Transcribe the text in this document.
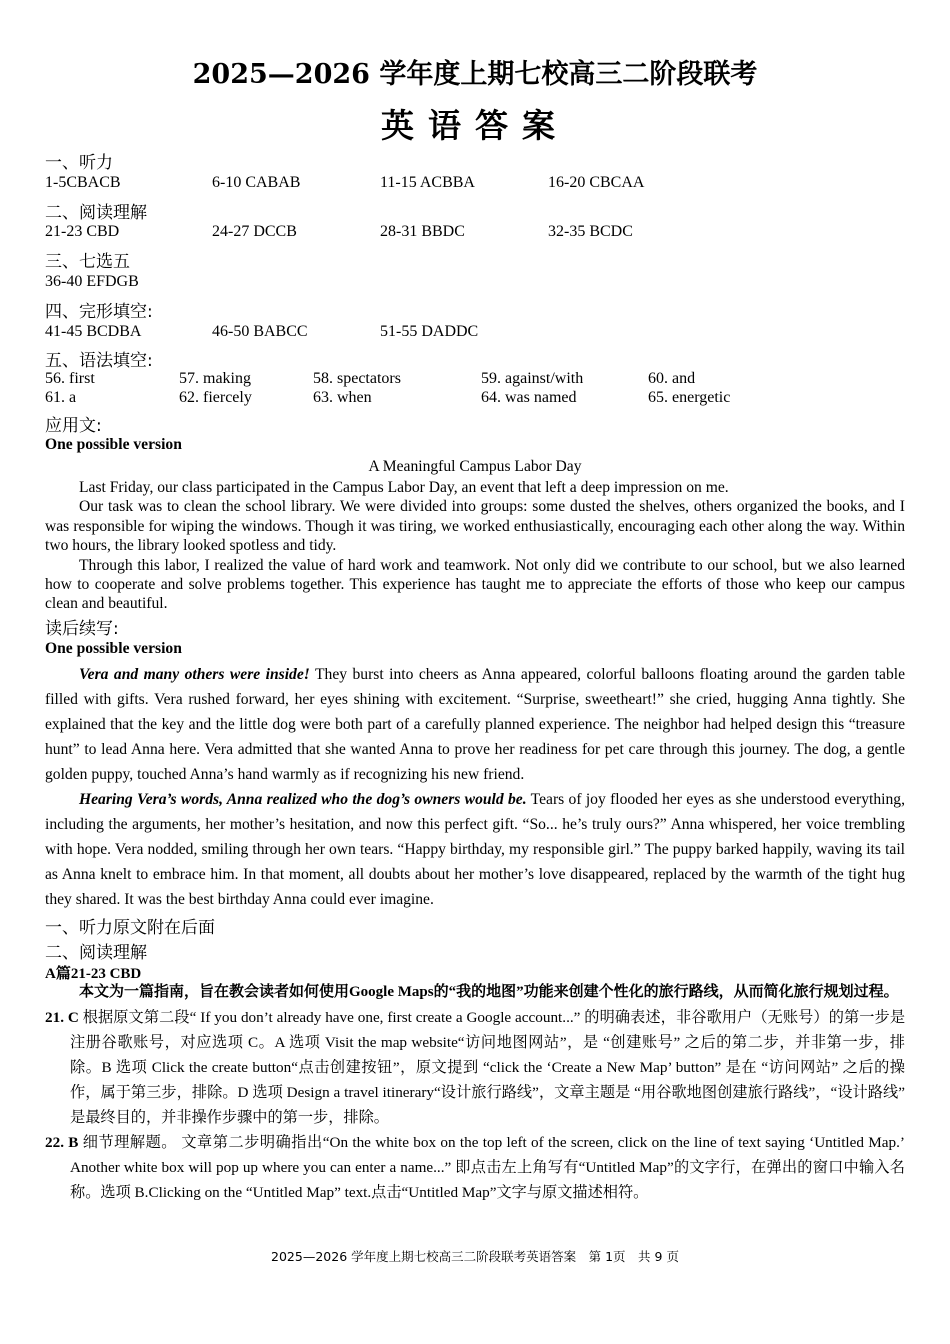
2025—2026 学年度上期七校高三二阶段联考
英语答案
一、听力
1-5CBACB	6-10 CABAB	11-15 ACBBA	16-20 CBCAA
二、阅读理解
21-23 CBD	24-27 DCCB	28-31 BBDC	32-35 BCDC
三、七选五
36-40 EFDGB
四、完形填空:
41-45 BCDBA	46-50 BABCC	51-55 DADDC
五、语法填空:
56. first	57. making	58. spectators	59. against/with	60. and
61. a	62. fiercely	63. when	64. was named	65. energetic
应用文:
One possible version
A Meaningful Campus Labor Day

Last Friday, our class participated in the Campus Labor Day, an event that left a deep impression on me.

Our task was to clean the school library. We were divided into groups: some dusted the shelves, others organized the books, and I was responsible for wiping the windows. Though it was tiring, we worked enthusiastically, encouraging each other along the way. Within two hours, the library looked spotless and tidy.

Through this labor, I realized the value of hard work and teamwork. Not only did we contribute to our school, but we also learned how to cooperate and solve problems together. This experience has taught me to appreciate the efforts of those who keep our campus clean and beautiful.

读后续写:
One possible version

Vera and many others were inside! They burst into cheers as Anna appeared, colorful balloons floating around the garden table filled with gifts. Vera rushed forward, her eyes shining with excitement. “Surprise, sweetheart!” she cried, hugging Anna tightly. She explained that the key and the little dog were both part of a carefully planned experience. The neighbor had helped design this “treasure hunt” to lead Anna here. Vera admitted that she wanted Anna to prove her readiness for pet care through this journey. The dog, a gentle golden puppy, touched Anna’s hand warmly as if recognizing his new friend.

Hearing Vera’s words, Anna realized who the dog’s owners would be. Tears of joy flooded her eyes as she understood everything, including the arguments, her mother’s hesitation, and now this perfect gift. “So... he’s truly ours?” Anna whispered, her voice trembling with hope. Vera nodded, smiling through her own tears. “Happy birthday, my responsible girl.” The puppy barked happily, waving its tail as Anna knelt to embrace him. In that moment, all doubts about her mother’s love disappeared, replaced by the warmth of the tight hug they shared. It was the best birthday Anna could ever imagine.

一、听力原文附在后面
二、阅读理解
A篇21-23 CBD

本文为一篇指南，旨在教会读者如何使用Google Maps的“我的地图”功能来创建个性化的旅行路线，从而简化旅行规划过程。

21. C 根据原文第二段“ If you don’t already have one, first create a Google account...” 的明确表述，非谷歌用户（无账号）的第一步是注册谷歌账号，对应选项 C。A 选项 Visit the map website“访问地图网站”，是 “创建账号” 之后的第二步，并非第一步，排除。B 选项 Click the create button“点击创建按钮”，原文提到 “click the ‘Create a New Map’ button” 是在 “访问网站” 之后的操作，属于第三步，排除。D 选项 Design a travel itinerary“设计旅行路线”，文章主题是 “用谷歌地图创建旅行路线”，“设计路线” 是最终目的，并非操作步骤中的第一步，排除。

22. B 细节理解题。 文章第二步明确指出“On the white box on the top left of the screen, click on the line of text saying ‘Untitled Map.’ Another white box will pop up where you can enter a name...” 即点击左上角写有“Untitled Map”的文字行，在弹出的窗口中输入名称。选项 B.Clicking on the “Untitled Map” text.点击“Untitled Map”文字与原文描述相符。

2025—2026 学年度上期七校高三二阶段联考英语答案　第 1页　共 9 页
